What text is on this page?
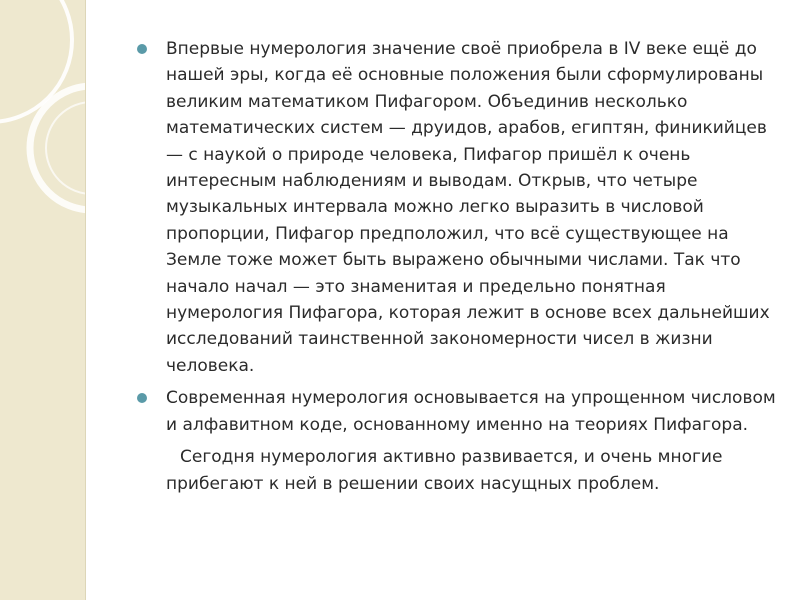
Впервые нумерология значение своё приобрела в IV веке ещё до нашей эры, когда её основные положения были сформулированы великим математиком Пифагором. Объединив несколько математических систем — друидов, арабов, египтян, финикийцев — с наукой о природе человека, Пифагор пришёл к очень интересным наблюдениям и выводам. Открыв, что четыре музыкальных интервала можно легко выразить в числовой пропорции, Пифагор предположил, что всё существующее на Земле тоже может быть выражено обычными числами. Так что начало начал — это знаменитая и предельно понятная нумерология Пифагора, которая лежит в основе всех дальнейших исследований таинственной закономерности чисел в жизни человека.
Современная нумерология основывается на упрощенном числовом и алфавитном коде, основанному именно на теориях Пифагора.
Сегодня нумерология активно развивается, и очень многие прибегают к ней в решении своих насущных проблем.
